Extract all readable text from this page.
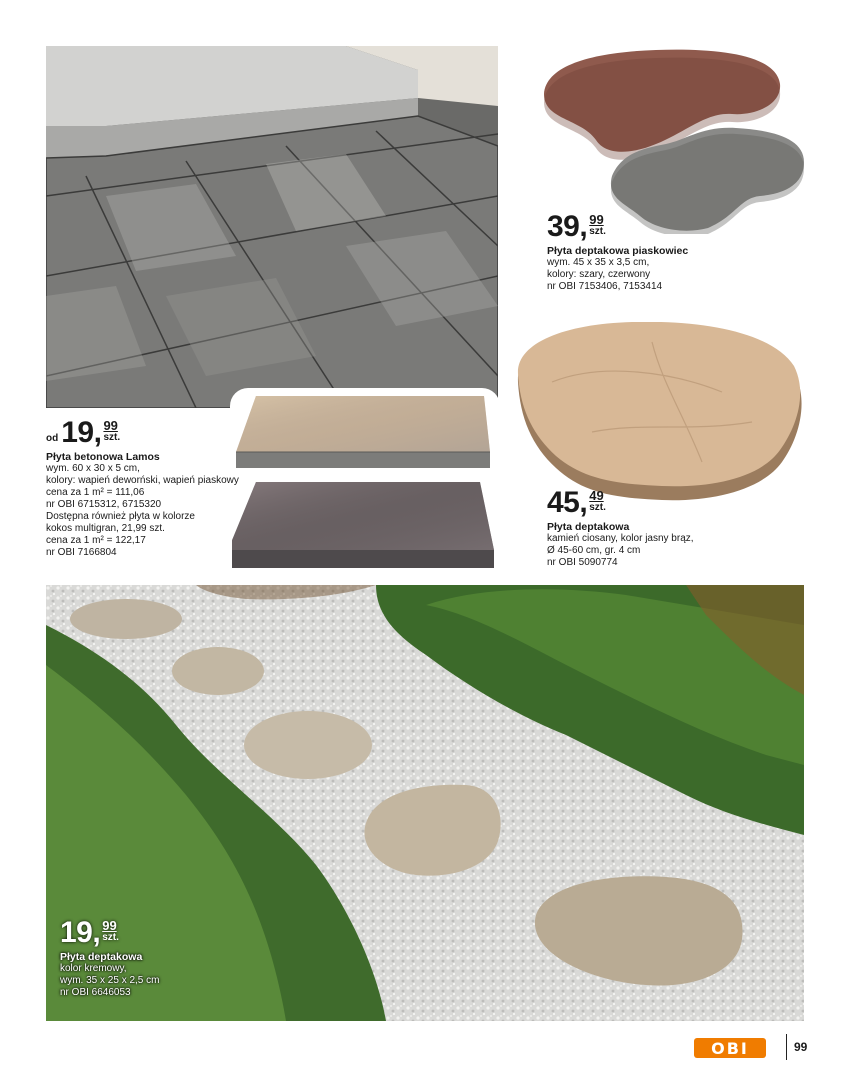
39, 99
szt.
Płyta deptakowa piaskowiec
wym. 45 x 35 x 3,5 cm,
kolory: szary, czerwony
nr OBI 7153406, 7153414
45, 49
szt.
Płyta deptakowa
kamień ciosany, kolor jasny brąz,
Ø 45-60 cm, gr. 4 cm
nr OBI 5090774
od 19, 99
szt.
Płyta betonowa Lamos
wym. 60 x 30 x 5 cm,
kolory: wapień deworński, wapień piaskowy
cena za 1 m² = 111,06
nr OBI 6715312, 6715320
Dostępna również płyta w kolorze
kokos multigran, 21,99 szt.
cena za 1 m² = 122,17
nr OBI 7166804
19, 99
szt.
Płyta deptakowa
kolor kremowy,
wym. 35 x 25 x 2,5 cm
nr OBI 6646053
OBI	99
